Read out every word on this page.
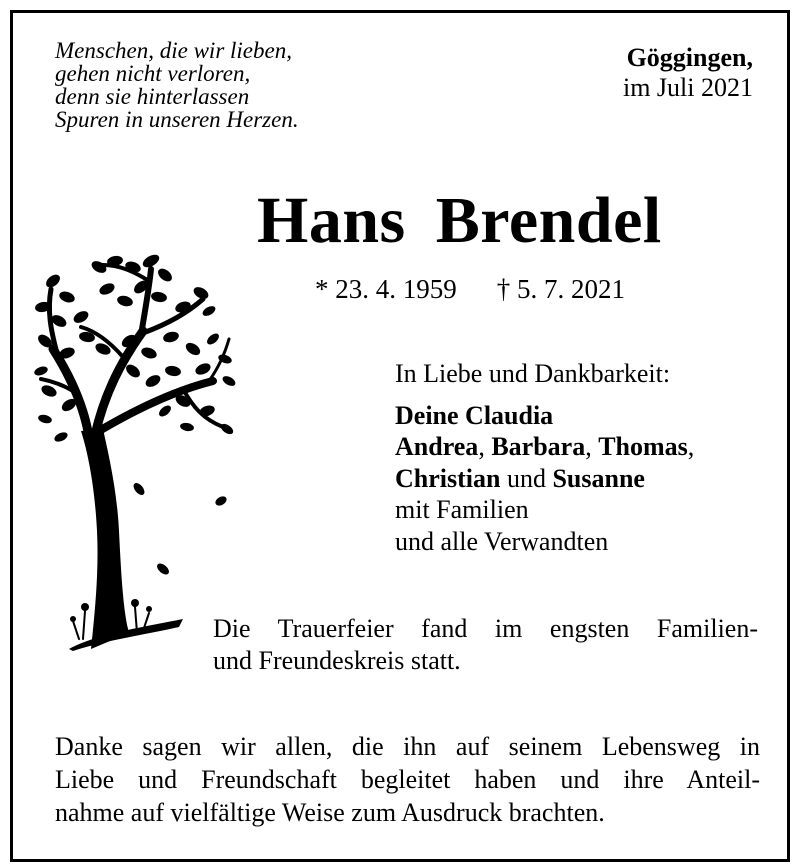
Menschen, die wir lieben,
gehen nicht verloren,
denn sie hinterlassen
Spuren in unseren Herzen.
Göggingen,
im Juli 2021
Hans Brendel
* 23. 4. 1959 † 5. 7. 2021
In Liebe und Dankbarkeit:
Deine Claudia
Andrea, Barbara, Thomas,
Christian und Susanne
mit Familien
und alle Verwandten
Die Trauerfeier fand im engsten Familien-
und Freundeskreis statt.
Danke sagen wir allen, die ihn auf seinem Lebensweg in
Liebe und Freundschaft begleitet haben und ihre Anteil-
nahme auf vielfältige Weise zum Ausdruck brachten.
